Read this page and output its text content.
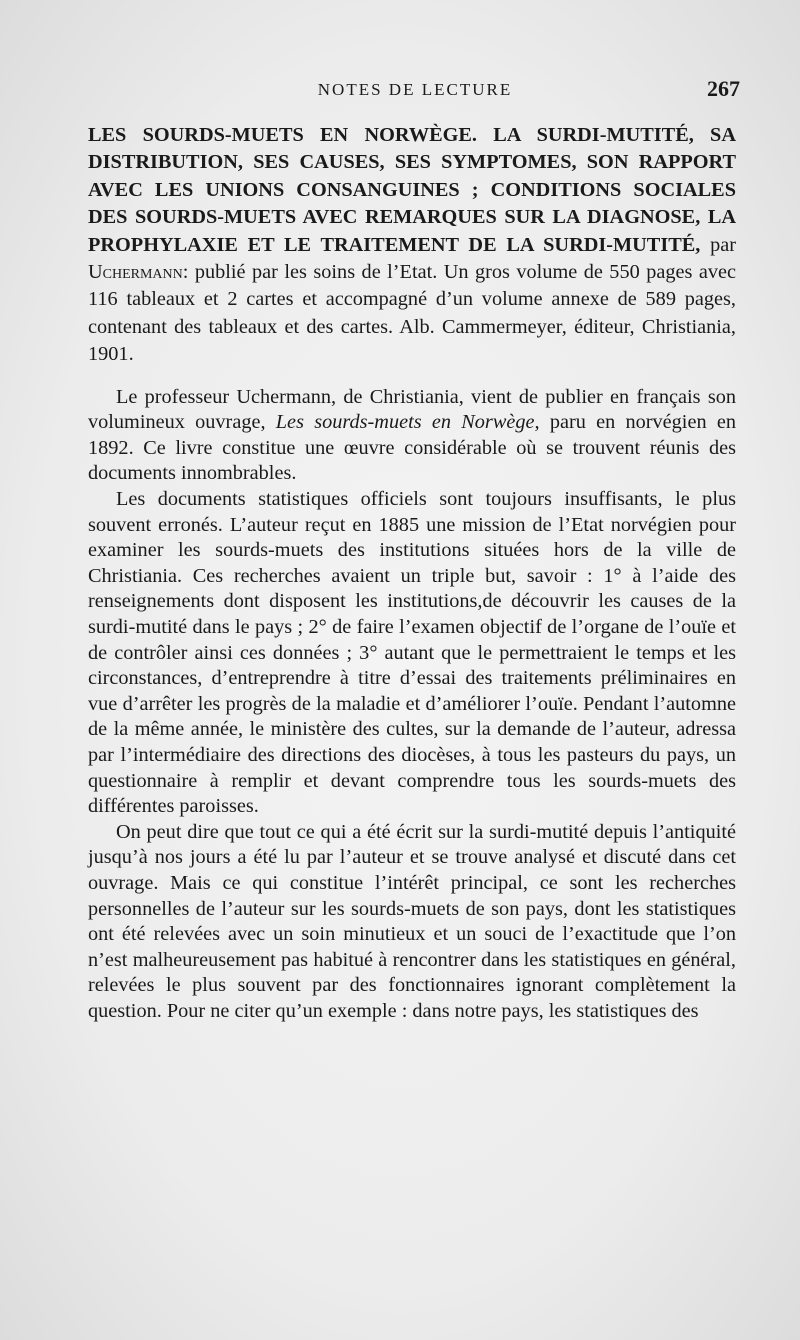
NOTES DE LECTURE	267
LES SOURDS-MUETS EN NORWÈGE. LA SURDI-MUTITÉ, SA DISTRIBUTION, SES CAUSES, SES SYMPTOMES, SON RAPPORT AVEC LES UNIONS CONSANGUINES ; CONDITIONS SOCIALES DES SOURDS-MUETS AVEC REMARQUES SUR LA DIAGNOSE, LA PROPHYLAXIE ET LE TRAITEMENT DE LA SURDI-MUTITÉ, par Uchermann: publié par les soins de l’Etat. Un gros volume de 550 pages avec 116 tableaux et 2 cartes et accompagné d’un volume annexe de 589 pages, contenant des tableaux et des cartes. Alb. Cammermeyer, éditeur, Christiania, 1901.

Le professeur Uchermann, de Christiania, vient de publier en français son volumineux ouvrage, Les sourds-muets en Norwège, paru en norvégien en 1892. Ce livre constitue une œuvre considérable où se trouvent réunis des documents innombrables.

Les documents statistiques officiels sont toujours insuffisants, le plus souvent erronés. L’auteur reçut en 1885 une mission de l’Etat norvégien pour examiner les sourds-muets des institutions situées hors de la ville de Christiania. Ces recherches avaient un triple but, savoir : 1° à l’aide des renseignements dont disposent les institutions,de découvrir les causes de la surdi-mutité dans le pays ; 2° de faire l’examen objectif de l’organe de l’ouïe et de contrôler ainsi ces données ; 3° autant que le permettraient le temps et les circonstances, d’entreprendre à titre d’essai des traitements préliminaires en vue d’arrêter les progrès de la maladie et d’améliorer l’ouïe. Pendant l’automne de la même année, le ministère des cultes, sur la demande de l’auteur, adressa par l’intermédiaire des directions des diocèses, à tous les pasteurs du pays, un questionnaire à remplir et devant comprendre tous les sourds-muets des différentes paroisses.

On peut dire que tout ce qui a été écrit sur la surdi-mutité depuis l’antiquité jusqu’à nos jours a été lu par l’auteur et se trouve analysé et discuté dans cet ouvrage. Mais ce qui constitue l’intérêt principal, ce sont les recherches personnelles de l’auteur sur les sourds-muets de son pays, dont les statistiques ont été relevées avec un soin minutieux et un souci de l’exactitude que l’on n’est malheureusement pas habitué à rencontrer dans les statistiques en général, relevées le plus souvent par des fonctionnaires ignorant complètement la question. Pour ne citer qu’un exemple : dans notre pays, les statistiques des
